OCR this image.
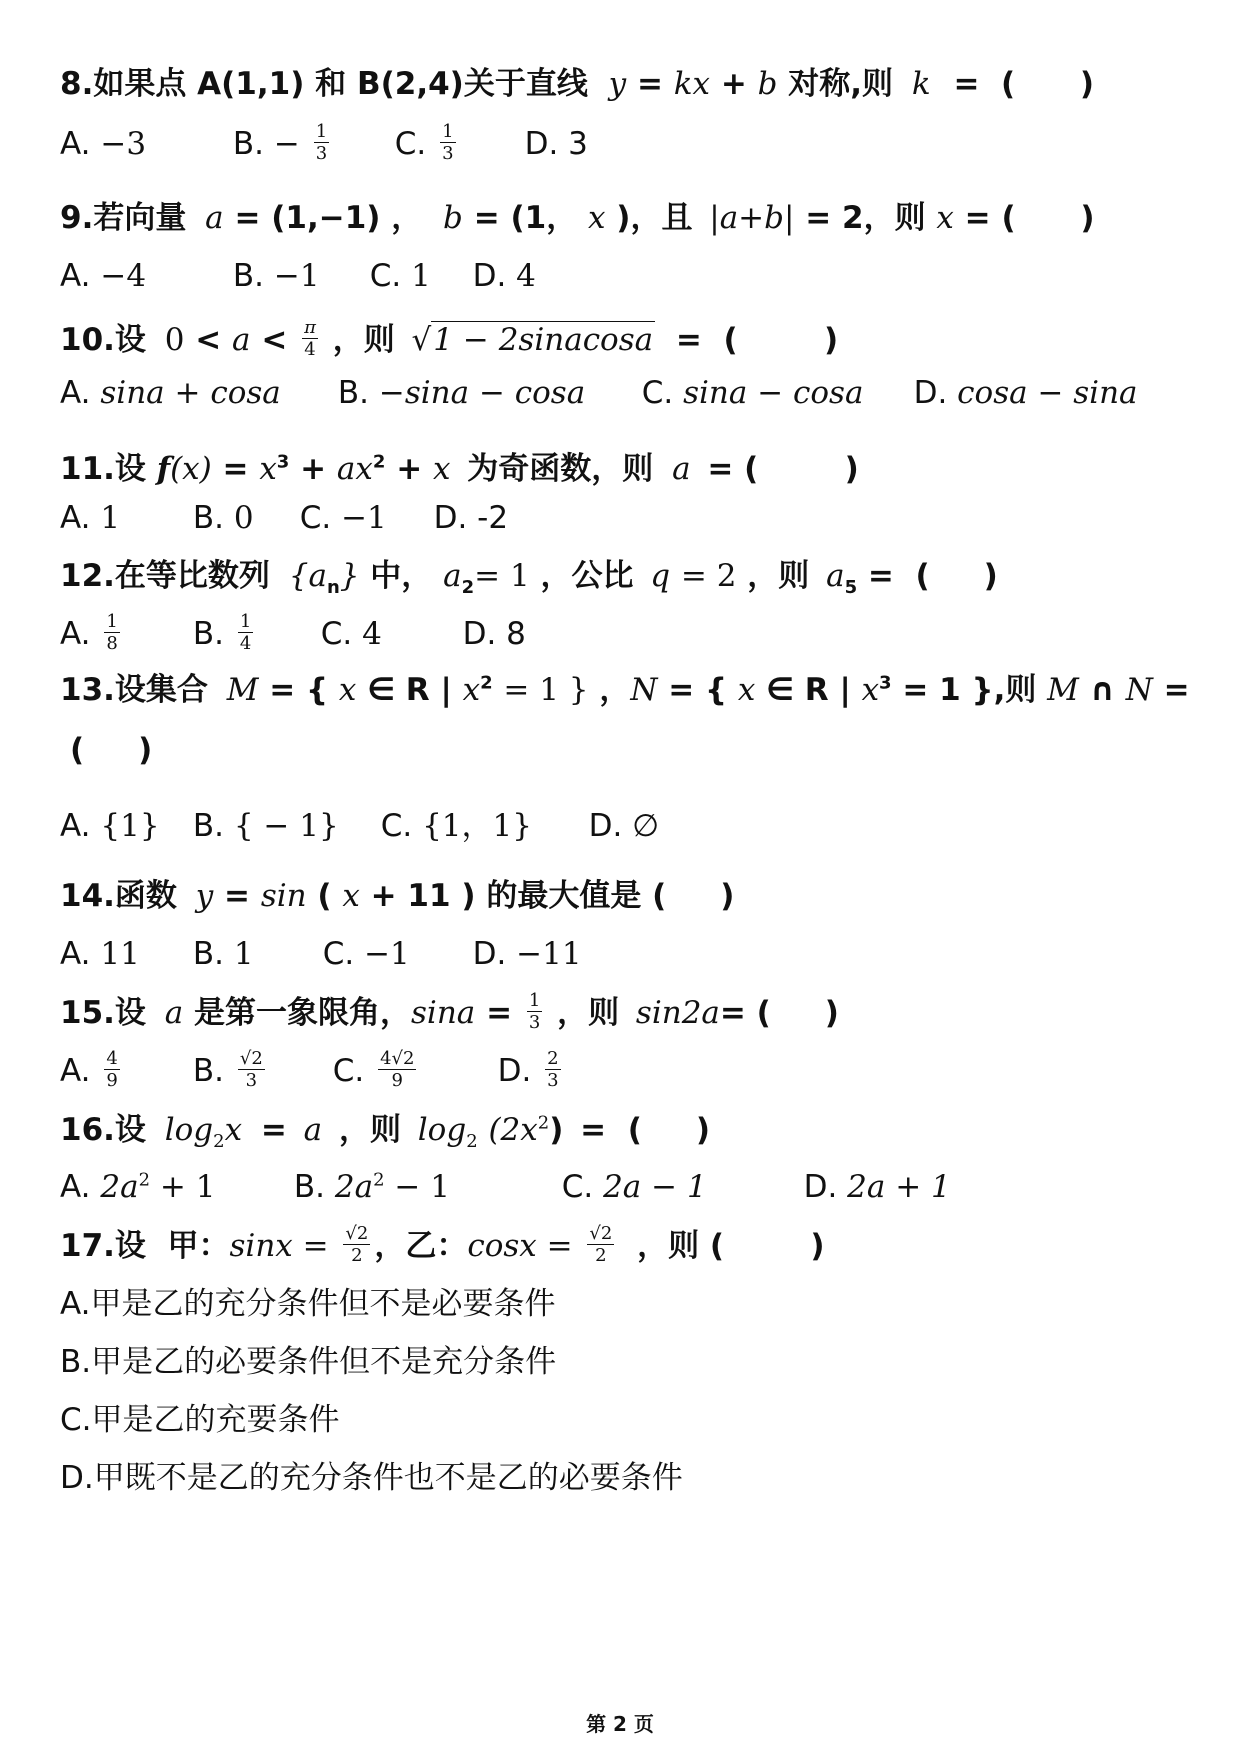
8.如果点 A(1,1) 和 B(2,4)关于直线 y = kx + b 对称,则 k =  (      )
A. −3	B. − $\frac{1}{3} C$. $\frac{1}{3} D$. 3
9.若向量 a = (1,−1) ， b = (1， x )，且 |a+b| = 2，则 x = (      )
A. −4	B. −1 C. 1 D. 4
10.设 $0 < a < \frac{\pi}{4}$ ，则 √1 − 2sinacosa =  (        )
A. sina + cosa B. −sina − cosa C. sina − cosa D. cosa − sina
11.设 $f(x) = x^3 + ax^2 + x$ 为奇函数，则 a = (        )
A. 1 B. 0 C. −1 D. -2
12.在等比数列 $\{a_n\}$ 中， $a_2= 1$ ，公比 q = 2 ，则 $a_5$ =  (     )
A. $\frac{1}{8} B$. $\frac{1}{4} C$. 4	D. 8
13.设集合 M = { x ∈ R | $x^2 = 1$ } ，N = { x ∈ R | $x^3 = 1$ },则 M ∩ N =
(     )
A. {1} B. { − 1} C. {1，1} D. ∅
14.函数 y = sin ( x + 11 ) 的最大值是 (     )
A. 11 B. 1 C. −1 D. −11
15.设 a 是第一象限角，$\sin a = \frac{1}{3}$ ，则 sin2a= (     )
A. $\frac{4}{9} B$. $\frac{√2}{3} C$. $\frac{4√2}{9}$	D. $\frac{2}{3}$
16.设 $\log_2x = a$ ，则 $\log_2 (2x^2)$ =  (     )
A. $2a^2 + 1$	B. $2a^2 - 1$	C. 2a − 1	D. 2a + 1
17.设  甲：$\sin x = \frac{√2}{2}$ ，乙：$\cos x = \frac{√2}{2}$ ，则 (        )
A.甲是乙的充分条件但不是必要条件
B.甲是乙的必要条件但不是充分条件
C.甲是乙的充要条件
D.甲既不是乙的充分条件也不是乙的必要条件
第 2 页
